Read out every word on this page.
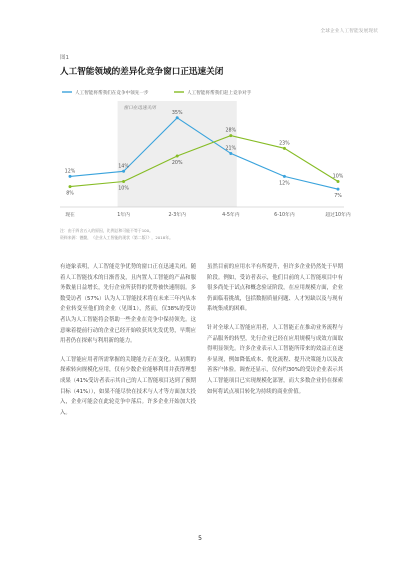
全球企业人工智能发展现状
图1
人工智能领域的差异化竞争窗口正迅速关闭
窗口在迅速关闭
人工智能将帮我们在竞争中领先一步	人工智能将帮我们赶上竞争对手
现在	1年内	2-3年内	4-5年内	6-10年内	超过10年内
12%
14%
35%
21%
12%
7%
8%
10%
20%
28%
23%
10%
注：由于四舍五入的原因，比例总和可能不等于100。
资料来源：德勤，《企业人工智能的现状（第二版）》，2018年。

有迹象表明，人工智能竞争优势的窗口正在迅速关闭。随着人工智能技术的日渐普及，且内置人工智能的产品和服务数量日益增长，先行企业所获得的优势被快速削弱。多数受访者（57%）认为人工智能技术将在未来三年内从本企业转变至他们的企业（见图1），然而，仅38%的受访者认为人工智能将会帮助一些企业在竞争中保持领先。这意味着提前行动的企业已经开始收获其先发优势，早期应用者仍在探索与利用新的能力。

人工智能应用者所需掌握的关键能力正在变化。从初期的探索转向规模化应用，仅有少数企业能够利用并获得理想成果（41%受访者表示其自己的人工智能项目达到了预期目标（41%）），如果不能尽快在技术与人才等方面加大投入，企业可能会在此轮竞争中落后。许多企业开始加大投入。

虽然目前的应用水平有所提升，但许多企业仍然处于早期阶段。例如，受访者表示，他们目前的人工智能项目中有很多尚处于试点和概念验证阶段，在应用规模方面，企业仍面临着挑战，包括数据质量问题、人才短缺以及与现有系统集成的困难。

针对全球人工智能应用者，人工智能正在推动业务流程与产品服务的转型，先行企业已经在应用规模与成效方面取得明显领先。许多企业表示人工智能所带来的效益正在逐步显现，例如降低成本、优化流程、提升决策能力以及改善客户体验。调查还显示，仅有约30%的受访企业表示其人工智能项目已实现规模化部署，而大多数企业仍在探索如何将试点项目转化为持续的商业价值。

5
